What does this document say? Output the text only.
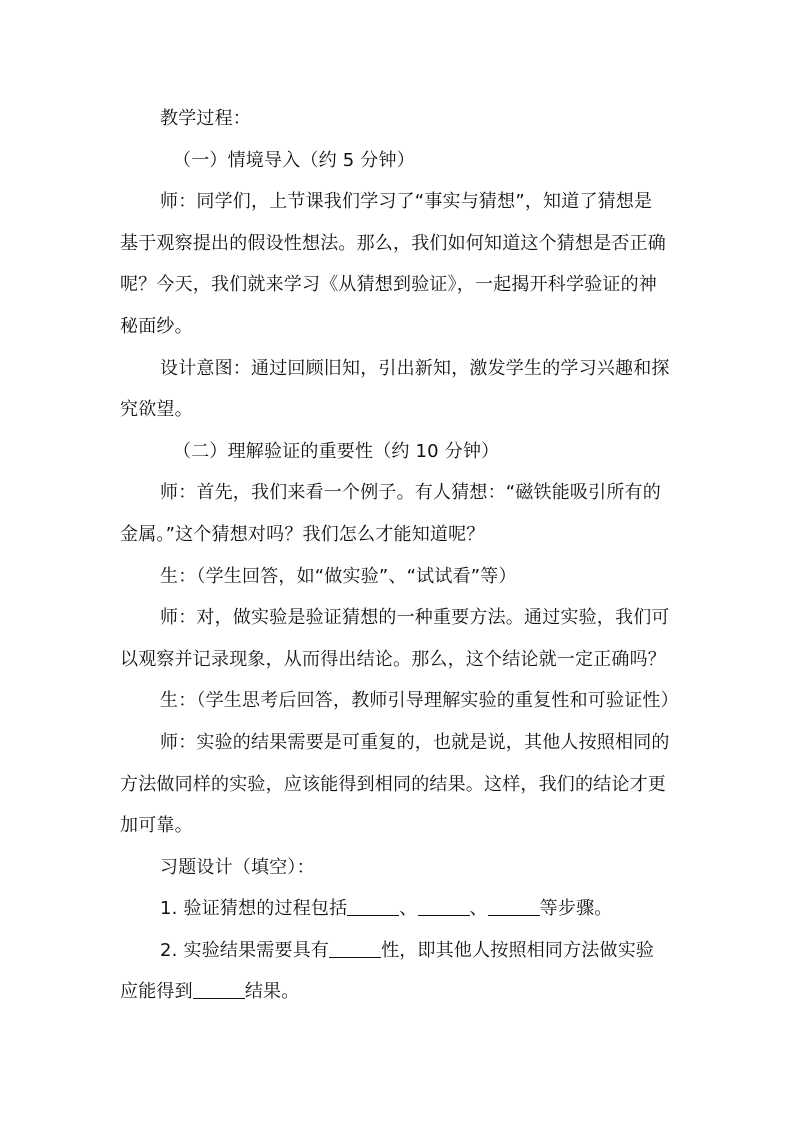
教学过程：
（一）情境导入（约 5 分钟）
师：同学们，上节课我们学习了“事实与猜想”，知道了猜想是
基于观察提出的假设性想法。那么，我们如何知道这个猜想是否正确
呢？今天，我们就来学习《从猜想到验证》，一起揭开科学验证的神
秘面纱。
设计意图：通过回顾旧知，引出新知，激发学生的学习兴趣和探
究欲望。
（二）理解验证的重要性（约 10 分钟）
师：首先，我们来看一个例子。有人猜想：“磁铁能吸引所有的
金属。”这个猜想对吗？我们怎么才能知道呢？
生：（学生回答，如“做实验”、“试试看”等）
师：对，做实验是验证猜想的一种重要方法。通过实验，我们可
以观察并记录现象，从而得出结论。那么，这个结论就一定正确吗？
生：（学生思考后回答，教师引导理解实验的重复性和可验证性）
师：实验的结果需要是可重复的，也就是说，其他人按照相同的
方法做同样的实验，应该能得到相同的结果。这样，我们的结论才更
加可靠。
习题设计（填空）：
1. 验证猜想的过程包括	、	、	等步骤。
2. 实验结果需要具有	性，即其他人按照相同方法做实验
应能得到	结果。
